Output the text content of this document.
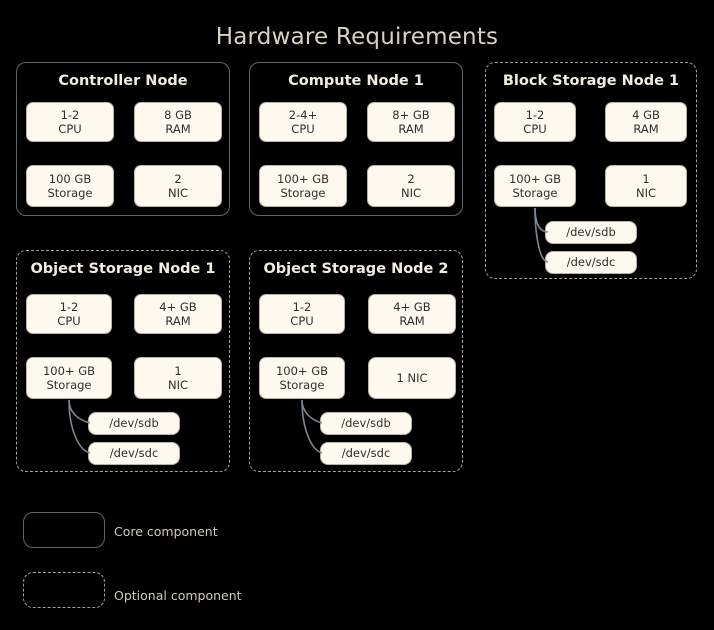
Hardware Requirements
Controller Node
1-2
CPU
8 GB
RAM
100 GB
Storage
2
NIC
Compute Node 1
2-4+
CPU
8+ GB
RAM
100+ GB
Storage
2
NIC
Block Storage Node 1
1-2
CPU
4 GB
RAM
100+ GB
Storage
1
NIC
/dev/sdb
/dev/sdc
Object Storage Node 1
1-2
CPU
4+ GB
RAM
100+ GB
Storage
1
NIC
/dev/sdb
/dev/sdc
Object Storage Node 2
1-2
CPU
4+ GB
RAM
100+ GB
Storage	1 NIC
/dev/sdb
/dev/sdc
Core component
Optional component
